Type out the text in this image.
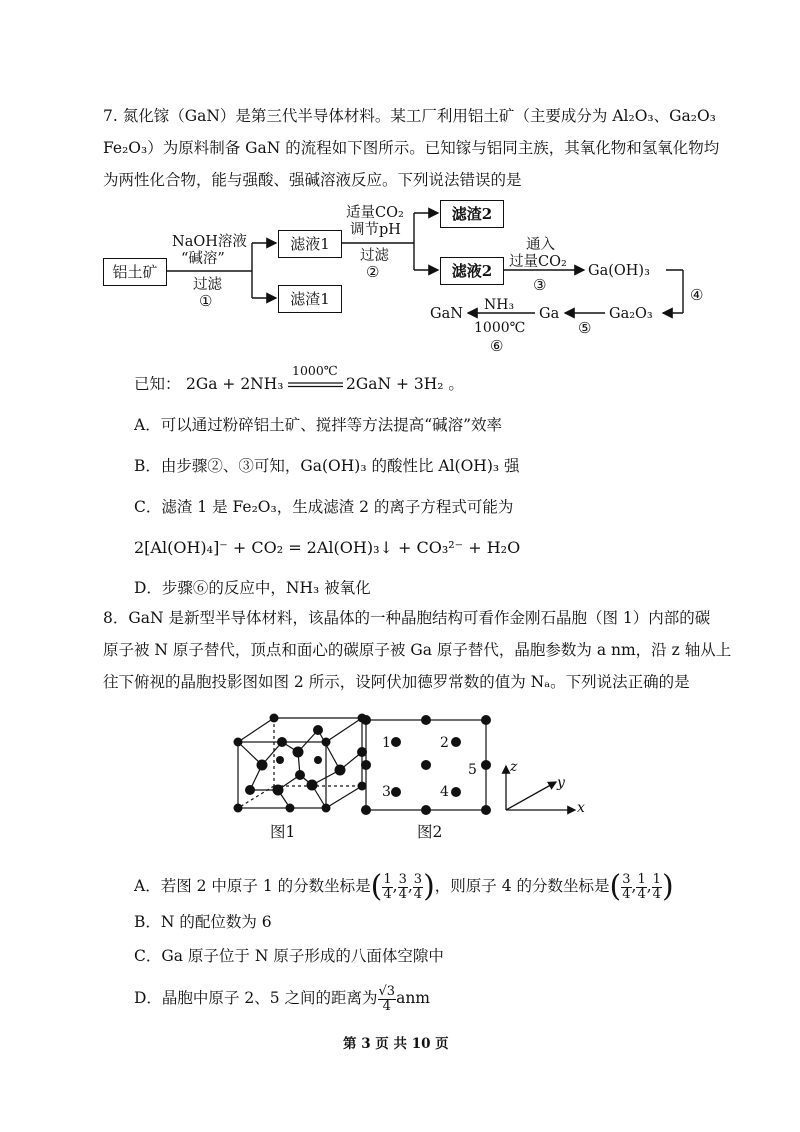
7. 氮化镓（GaN）是第三代半导体材料。某工厂利用铝土矿（主要成分为 Al₂O₃、Ga₂O₃
Fe₂O₃）为原料制备 GaN 的流程如下图所示。已知镓与铝同主族，其氧化物和氢氧化物均
为两性化合物，能与强酸、强碱溶液反应。下列说法错误的是
铝土矿
NaOH溶液
“碱溶”
过滤
①
滤液1
滤渣1
适量CO₂
调节pH
过滤
②
滤渣2
滤液2
通入
过量CO₂
③
Ga(OH)₃
④
Ga₂O₃
⑤
Ga
NH₃
1000℃
⑥
GaN
已知： 2Ga + 2NH₃
1000℃
2GaN + 3H₂ 。
A．可以通过粉碎铝土矿、搅拌等方法提高“碱溶”效率
B．由步骤②、③可知，Ga(OH)₃ 的酸性比 Al(OH)₃ 强
C．滤渣 1 是 Fe₂O₃，生成滤渣 2 的离子方程式可能为
2[Al(OH)₄]⁻ + CO₂ = 2Al(OH)₃↓ + CO₃²⁻ + H₂O
D．步骤⑥的反应中，NH₃ 被氧化
8．GaN 是新型半导体材料，该晶体的一种晶胞结构可看作金刚石晶胞（图 1）内部的碳
原子被 N 原子替代，顶点和面心的碳原子被 Ga 原子替代，晶胞参数为 a nm，沿 z 轴从上
往下俯视的晶胞投影图如图 2 所示，设阿伏加德罗常数的值为 Nₐ。下列说法正确的是
图1
1	2
5
3	4
图2
z
y
x
A．若图 2 中原子 1 的分数坐标是( $\frac{1}{4}$ , $\frac{3}{4}$ , $\frac{3}{4}$ )，则原子 4 的分数坐标是( $\frac{3}{4}$ , $\frac{1}{4}$ , $\frac{1}{4}$ )
B．N 的配位数为 6
C．Ga 原子位于 N 原子形成的八面体空隙中
D．晶胞中原子 2、5 之间的距离为 $\frac{√3}{4}$ anm
第 3 页 共 10 页
